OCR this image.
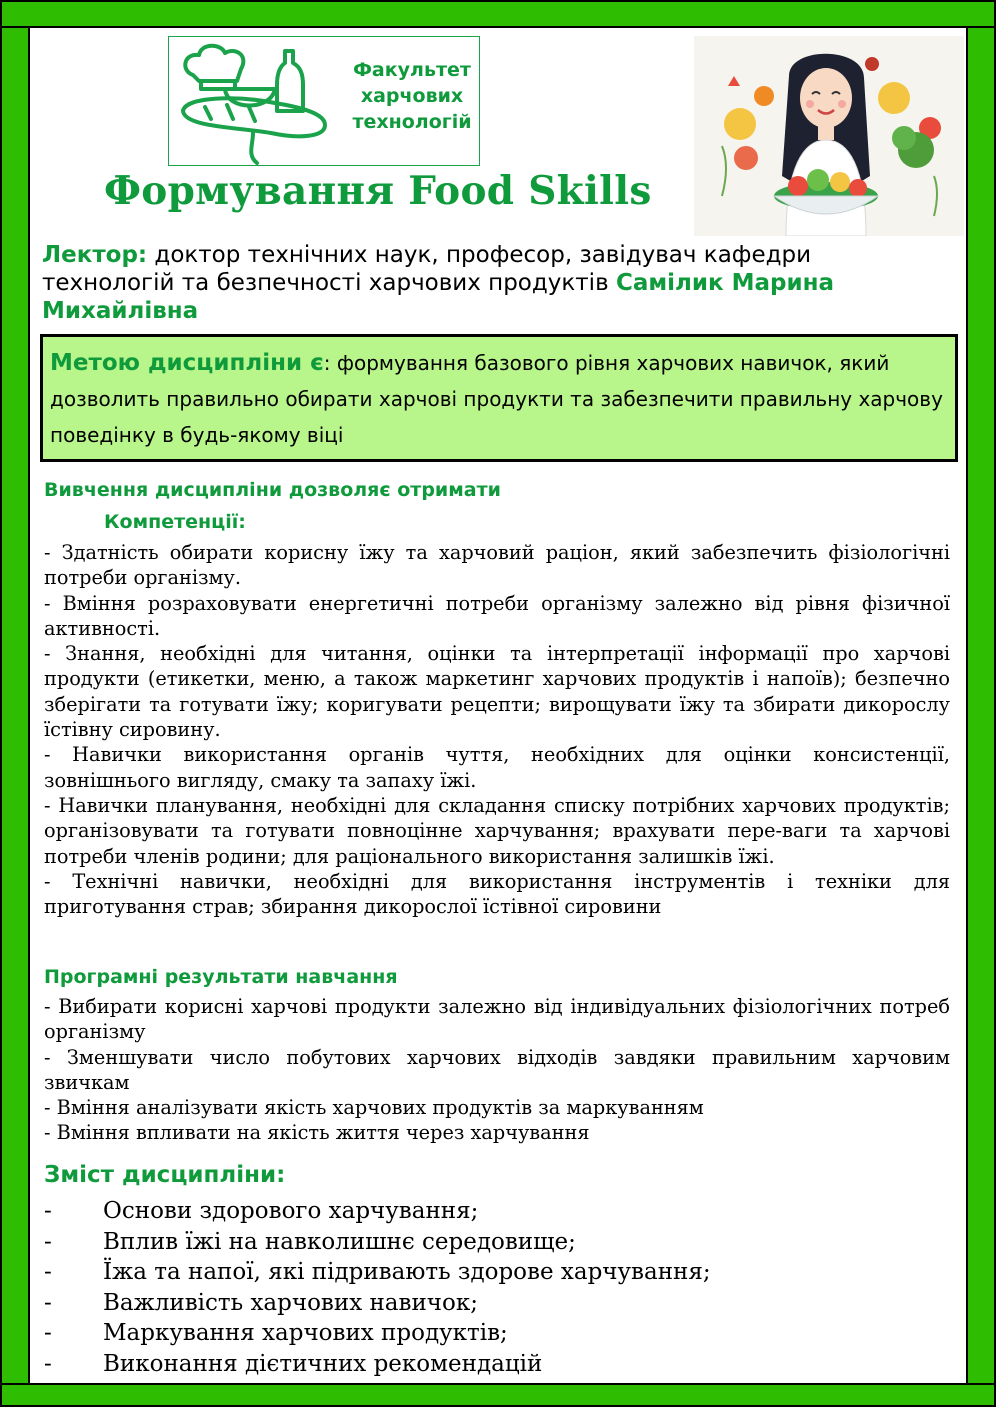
Факультет
харчових
технологій
Формування Food Skills
Лектор: доктор технічних наук, професор, завідувач кафедри технологій та безпечності харчових продуктів Самілик Марина Михайлівна
Метою дисципліни є: формування базового рівня харчових навичок, який дозволить правильно обирати харчові продукти та забезпечити правильну харчову поведінку в будь-якому віці
Вивчення дисципліни дозволяє отримати
Компетенції:

- Здатність обирати корисну їжу та харчовий раціон, який забезпечить фізіологічні потреби організму.

- Вміння розраховувати енергетичні потреби організму залежно від рівня фізичної активності.

- Знання, необхідні для читання, оцінки та інтерпретації інформації про харчові продукти (етикетки, меню, а також маркетинг харчових продуктів і напоїв); безпечно зберігати та готувати їжу; коригувати рецепти; вирощувати їжу та збирати дикорослу їстівну сировину.

- Навички використання органів чуття, необхідних для оцінки консистенції, зовнішнього вигляду, смаку та запаху їжі.

- Навички планування, необхідні для складання списку потрібних харчових продуктів; організовувати та готувати повноцінне харчування; врахувати пере-ваги та харчові потреби членів родини; для раціонального використання залишків їжі.

- Технічні навички, необхідні для використання інструментів і техніки для приготування страв; збирання дикорослої їстівної сировини

Програмні результати навчання

- Вибирати корисні харчові продукти залежно від індивідуальних фізіологічних потреб організму

- Зменшувати число побутових харчових відходів завдяки правильним харчовим звичкам

- Вміння аналізувати якість харчових продуктів за маркуванням

- Вміння впливати на якість життя через харчування

Зміст дисципліни:
-	Основи здорового харчування;
-	Вплив їжі на навколишнє середовище;
-	Їжа та напої, які підривають здорове харчування;
-	Важливість харчових навичок;
-	Маркування харчових продуктів;
-	Виконання дієтичних рекомендацій
